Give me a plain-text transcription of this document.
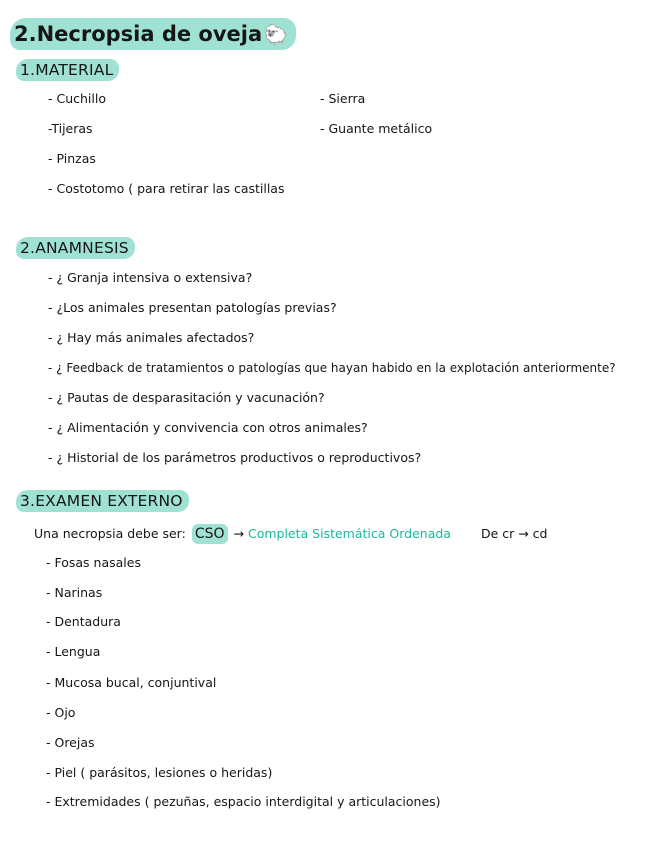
2.Necropsia de oveja 🐑
1.MATERIAL
- Cuchillo
-Tijeras
- Pinzas
- Costotomo ( para retirar las castillas
- Sierra
- Guante metálico
2.ANAMNESIS
- ¿ Granja intensiva o extensiva?
- ¿Los animales presentan patologías previas?
- ¿ Hay más animales afectados?
- ¿ Feedback de tratamientos o patologías que hayan habido en la explotación anteriormente?
- ¿ Pautas de desparasitación y vacunación?
- ¿ Alimentación y convivencia con otros animales?
- ¿ Historial de los parámetros productivos o reproductivos?
3.EXAMEN EXTERNO
Una necropsia debe ser: CSO → Completa Sistemática Ordenada De cr → cd
- Fosas nasales
- Narinas
- Dentadura
- Lengua
- Mucosa bucal, conjuntival
- Ojo
- Orejas
- Piel ( parásitos, lesiones o heridas)
- Extremidades ( pezuñas, espacio interdigital y articulaciones)
